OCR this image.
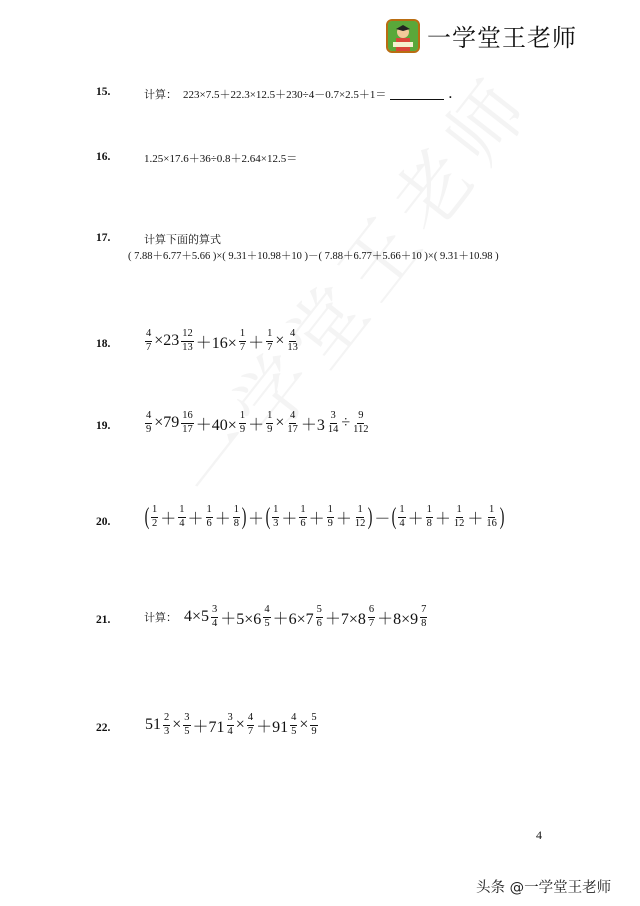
一学堂王老师
15.	计算： 223×7.5＋22.3×12.5＋230÷4－0.7×2.5＋1＝	.
16.	1.25×17.6＋36÷0.8＋2.64×12.5＝
17.	计算下面的算式
( 7.88＋6.77＋5.66 )×( 9.31＋10.98＋10 )－( 7.88＋6.77＋5.66＋10 )×( 9.31＋10.98 )
18.	$\frac{4}{7} \times 23 \frac{12}{13} +16\times \frac{1}{7} + \frac{1}{7} \times \frac{4}{13}$
19.	$\frac{4}{9} \times 79 \frac{16}{17} +40\times \frac{1}{9} + \frac{1}{9} \times \frac{4}{17} +3 \frac{3}{14} \div \frac{9}{112}$
20. ( $\frac{1}{2} + \frac{1}{4} + \frac{1}{6} + \frac{1}{8}$ ) ＋ ( $\frac{1}{3} + \frac{1}{6} + \frac{1}{9} + \frac{1}{12}$ ) － ( $\frac{1}{4} + \frac{1}{8} + \frac{1}{12} + \frac{1}{16}$ )
21.	计算： $4\times 5 \frac{3}{4} +5\times 6 \frac{4}{5} +6\times 7 \frac{5}{6} +7\times 8 \frac{6}{7} +8\times 9 \frac{7}{8}$
22. $51 \frac{2}{3} \times \frac{3}{5} +71 \frac{3}{4} \times \frac{4}{7} +91 \frac{4}{5} \times \frac{5}{9}$
4
头条 @一学堂王老师
